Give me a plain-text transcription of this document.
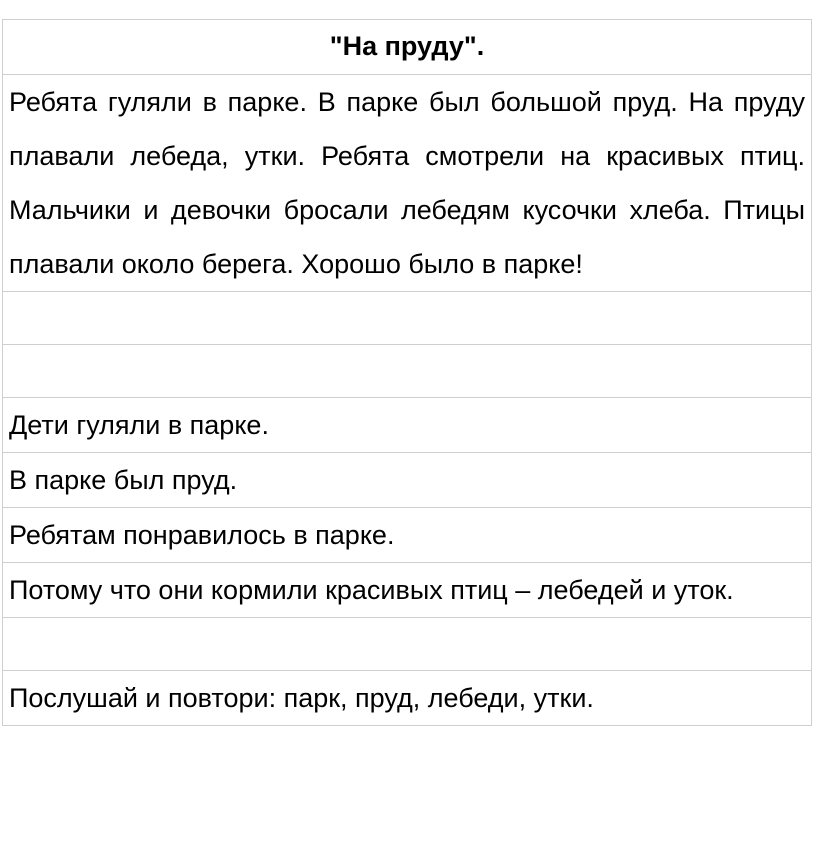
"На пруду".

Ребята гуляли в парке. В парке был большой пруд. На пруду плавали лебеда, утки. Ребята смотрели на красивых птиц. Мальчики и девочки бросали лебедям кусочки хлеба. Птицы плавали около берега. Хорошо было в парке!

Дети гуляли в парке.
В парке был пруд.
Ребятам понравилось в парке.

Потому что они кормили красивых птиц – лебедей и уток.

Послушай и повтори: парк, пруд, лебеди, утки.
